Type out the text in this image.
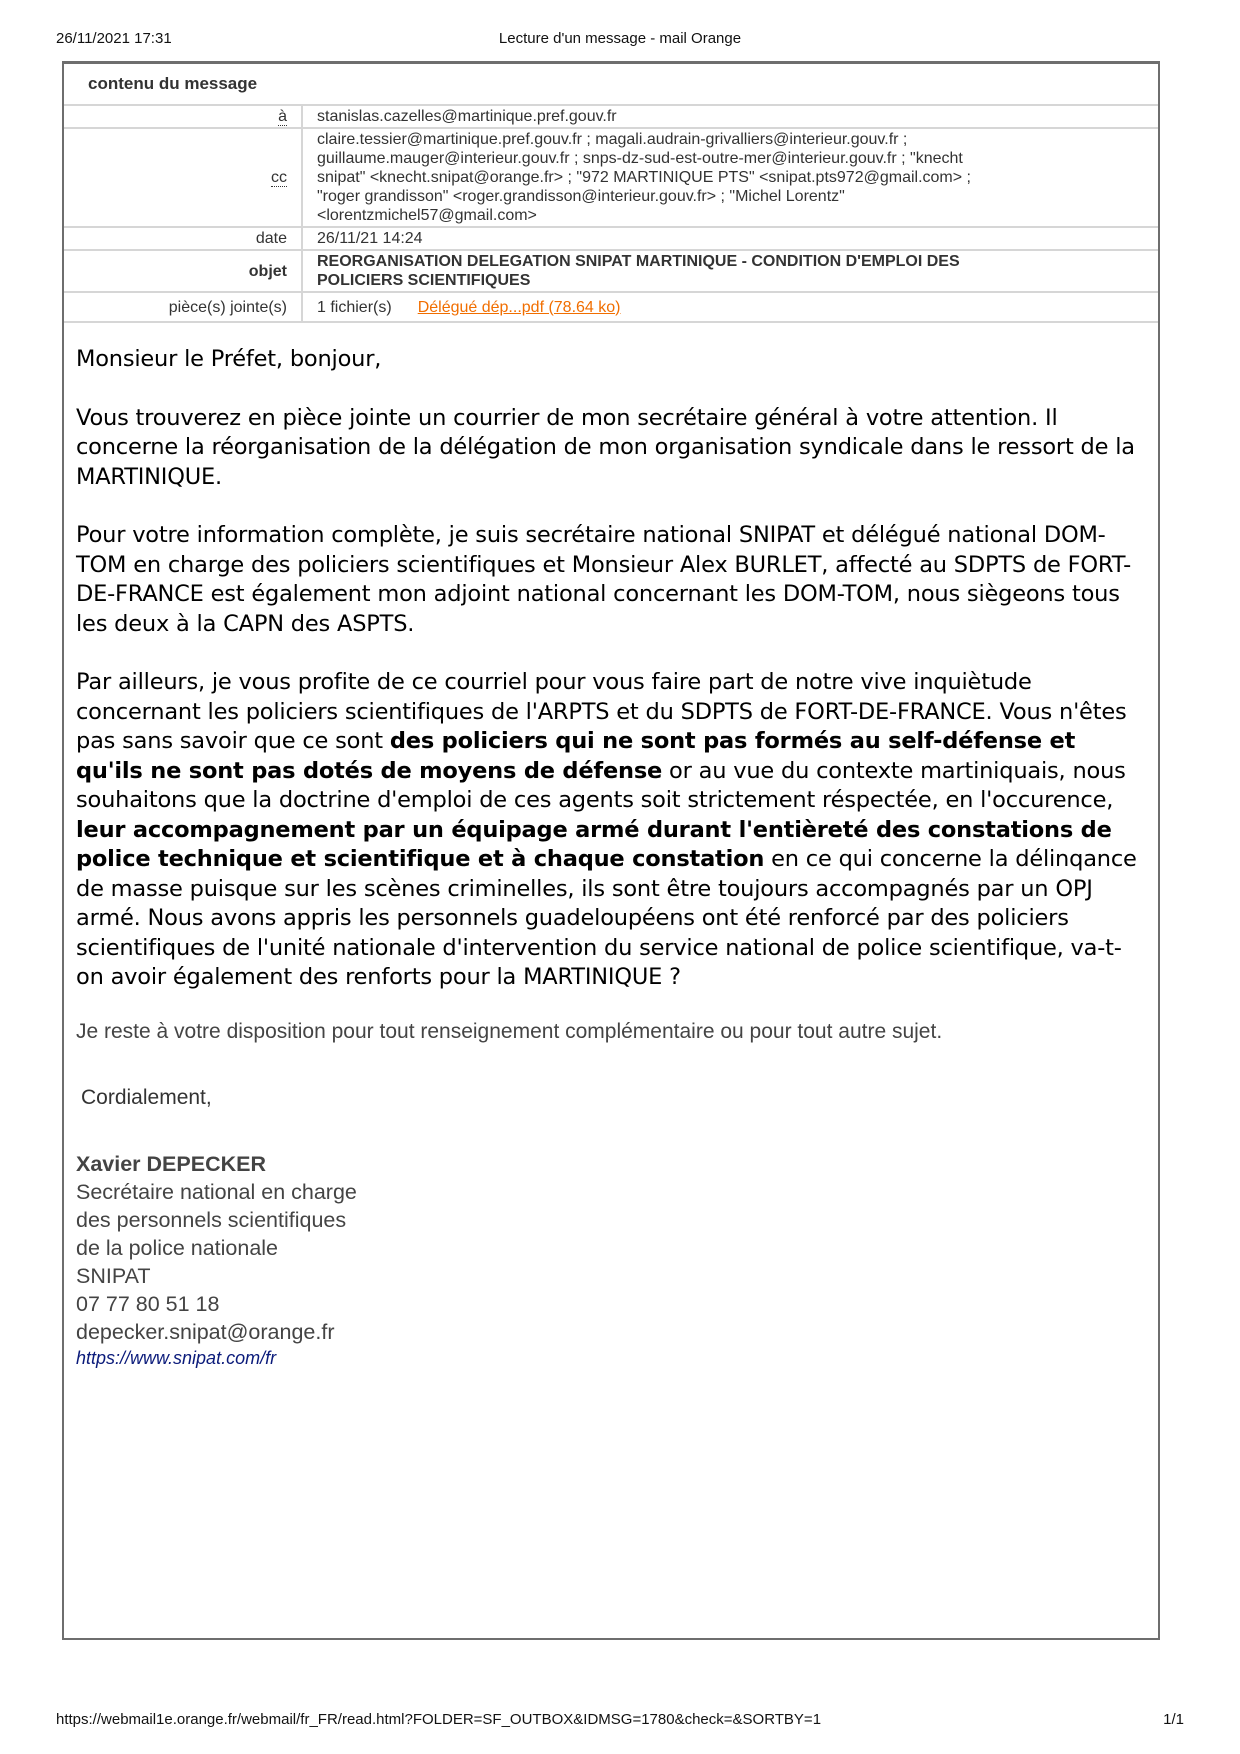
26/11/2021 17:31	Lecture d'un message - mail Orange
contenu du message
à	stanislas.cazelles@martinique.pref.gouv.fr
cc	claire.tessier@martinique.pref.gouv.fr ; magali.audrain-grivalliers@interieur.gouv.fr ;
guillaume.mauger@interieur.gouv.fr ; snps-dz-sud-est-outre-mer@interieur.gouv.fr ; "knecht
snipat" <knecht.snipat@orange.fr> ; "972 MARTINIQUE PTS" <snipat.pts972@gmail.com> ;
"roger grandisson" <roger.grandisson@interieur.gouv.fr> ; "Michel Lorentz"
<lorentzmichel57@gmail.com>

date	26/11/21 14:24
objet	REORGANISATION DELEGATION SNIPAT MARTINIQUE - CONDITION D'EMPLOI DES
POLICIERS SCIENTIFIQUES

pièce(s) jointe(s)	1 fichier(s) Délégué dép...pdf (78.64 ko)

Monsieur le Préfet, bonjour,

Vous trouverez en pièce jointe un courrier de mon secrétaire général à votre attention. Il concerne la réorganisation de la délégation de mon organisation syndicale dans le ressort de la MARTINIQUE.

Pour votre information complète, je suis secrétaire national SNIPAT et délégué national DOM-TOM en charge des policiers scientifiques et Monsieur Alex BURLET, affecté au SDPTS de FORT-DE-FRANCE est également mon adjoint national concernant les DOM-TOM, nous siègeons tous les deux à la CAPN des ASPTS.

Par ailleurs, je vous profite de ce courriel pour vous faire part de notre vive inquiètude concernant les policiers scientifiques de l'ARPTS et du SDPTS de FORT-DE-FRANCE. Vous n'êtes pas sans savoir que ce sont des policiers qui ne sont pas formés au self-défense et qu'ils ne sont pas dotés de moyens de défense or au vue du contexte martiniquais, nous souhaitons que la doctrine d'emploi de ces agents soit strictement réspectée, en l'occurence, leur accompagnement par un équipage armé durant l'entièreté des constations de police technique et scientifique et à chaque constation en ce qui concerne la délinqance de masse puisque sur les scènes criminelles, ils sont être toujours accompagnés par un OPJ armé. Nous avons appris les personnels guadeloupéens ont été renforcé par des policiers scientifiques de l'unité nationale d'intervention du service national de police scientifique, va-t-on avoir également des renforts pour la MARTINIQUE ?

Je reste à votre disposition pour tout renseignement complémentaire ou pour tout autre sujet.

Cordialement,

Xavier DEPECKER
Secrétaire national en charge
des personnels scientifiques
de la police nationale
SNIPAT
07 77 80 51 18
depecker.snipat@orange.fr
https://www.snipat.com/fr
https://webmail1e.orange.fr/webmail/fr_FR/read.html?FOLDER=SF_OUTBOX&IDMSG=1780&check=&SORTBY=1	1/1
